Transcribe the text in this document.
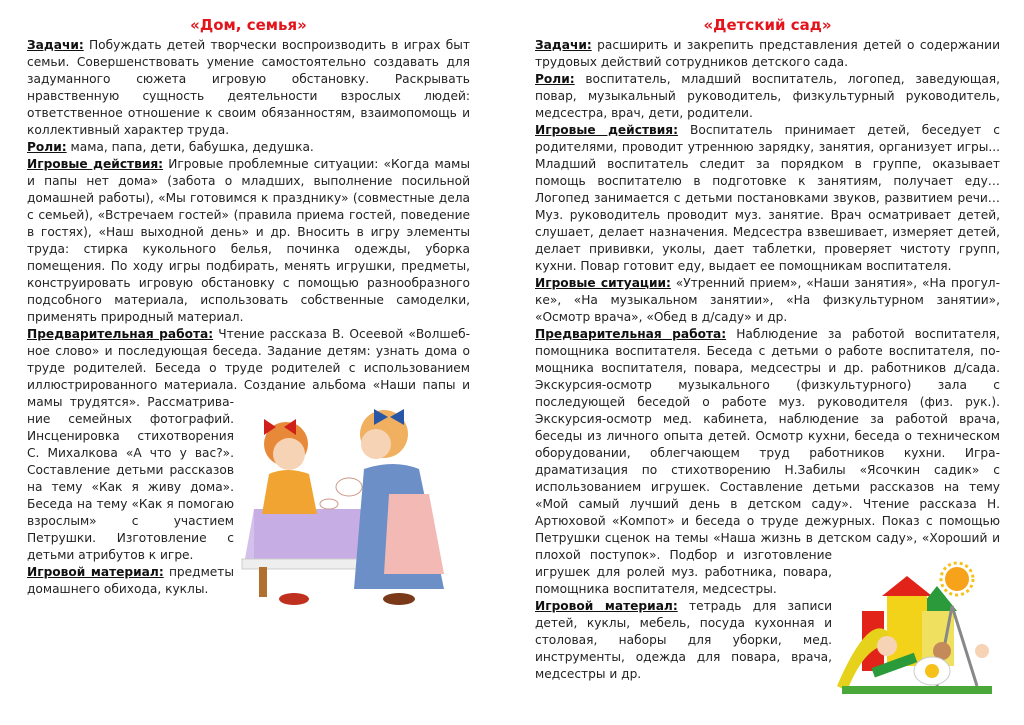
«Дом, семья»

Задачи: Побуждать детей творчески воспроизводить в играх быт семьи. Совершенствовать умение самостоятельно создавать для задуманного сюжета игровую обстановку. Раскрывать нравственную сущность деятельности взрослых людей: ответственное отношение к своим обязанностям, взаимопомощь и коллективный характер труда.

Роли: мама, папа, дети, бабушка, дедушка.

Игровые действия: Игровые проблемные ситуации: «Когда мамы и папы нет дома» (забота о младших, выполнение посильной домашней работы), «Мы готовимся к празднику» (совместные дела с семьей), «Встречаем гостей» (правила приема гостей, поведение в гостях), «Наш выходной день» и др. Вносить в игру элементы труда: стирка кукольного белья, починка одежды, уборка помещения. По ходу игры подбирать, менять игрушки, предметы, конструировать игровую обстановку с помощью разнообразного подсобного материала, использовать собственные самоделки, применять природный материал.

Предварительная работа: Чтение рассказа В. Осеевой «Волшебное слово» и последующая беседа. Задание детям: узнать дома о труде родителей. Беседа о труде родителей с использованием иллюстрированного материала. Создание альбома «Наши папы и мамы трудятся». Рассматривание семейных фотографий. Инсценировка стихотворения С. Михалкова «А что у вас?». Составление детьми рассказов на тему «Как я живу дома». Беседа на тему «Как я помогаю взрослым» с участием Петрушки. Изготовление с детьми атрибутов к игре.

Игровой материал: предметы домашнего обихода, куклы.

«Детский сад»

Задачи: расширить и закрепить представления детей о содержании трудовых действий сотрудников детского сада.

Роли: воспитатель, младший воспитатель, логопед, заведующая, повар, музыкальный руководитель, физкультурный руководитель, медсестра, врач, дети, родители.

Игровые действия: Воспитатель принимает детей, беседует с родителями, проводит утреннюю зарядку, занятия, организует игры... Младший воспитатель следит за порядком в группе, оказывает помощь воспитателю в подготовке к занятиям, получает еду… Логопед занимается с детьми постановками звуков, развитием речи… Муз. руководитель проводит муз. занятие. Врач осматривает детей, слушает, делает назначения. Медсестра взвешивает, измеряет детей, делает прививки, уколы, дает таблетки, проверяет чистоту групп, кухни. Повар готовит еду, выдает ее помощникам воспитателя.

Игровые ситуации: «Утренний прием», «Наши занятия», «На прогулке», «На музыкальном занятии», «На физкультурном занятии», «Осмотр врача», «Обед в д/саду» и др.

Предварительная работа: Наблюдение за работой воспитателя, помощника воспитателя. Беседа с детьми о работе воспитателя, помощника воспитателя, повара, медсестры и др. работников д/сада. Экскурсия-осмотр музыкального (физкультурного) зала с последующей беседой о работе муз. руководителя (физ. рук.). Экскурсия-осмотр мед. кабинета, наблюдение за работой врача, беседы из личного опыта детей. Осмотр кухни, беседа о техническом оборудовании, облегчающем труд работников кухни. Игра-драматизация по стихотворению Н.Забилы «Ясочкин садик» с использованием игрушек. Составление детьми рассказов на тему «Мой самый лучший день в детском саду». Чтение рассказа Н. Артюховой «Компот» и беседа о труде дежурных. Показ с помощью Петрушки сценок на темы «Наша жизнь в детском саду», «Хороший и плохой поступок». Подбор и изготовление игрушек для ролей муз. работника, повара, помощника воспитателя, медсестры.

Игровой материал: тетрадь для записи детей, куклы, мебель, посуда кухонная и столовая, наборы для уборки, мед. инструменты, одежда для повара, врача, медсестры и др.
